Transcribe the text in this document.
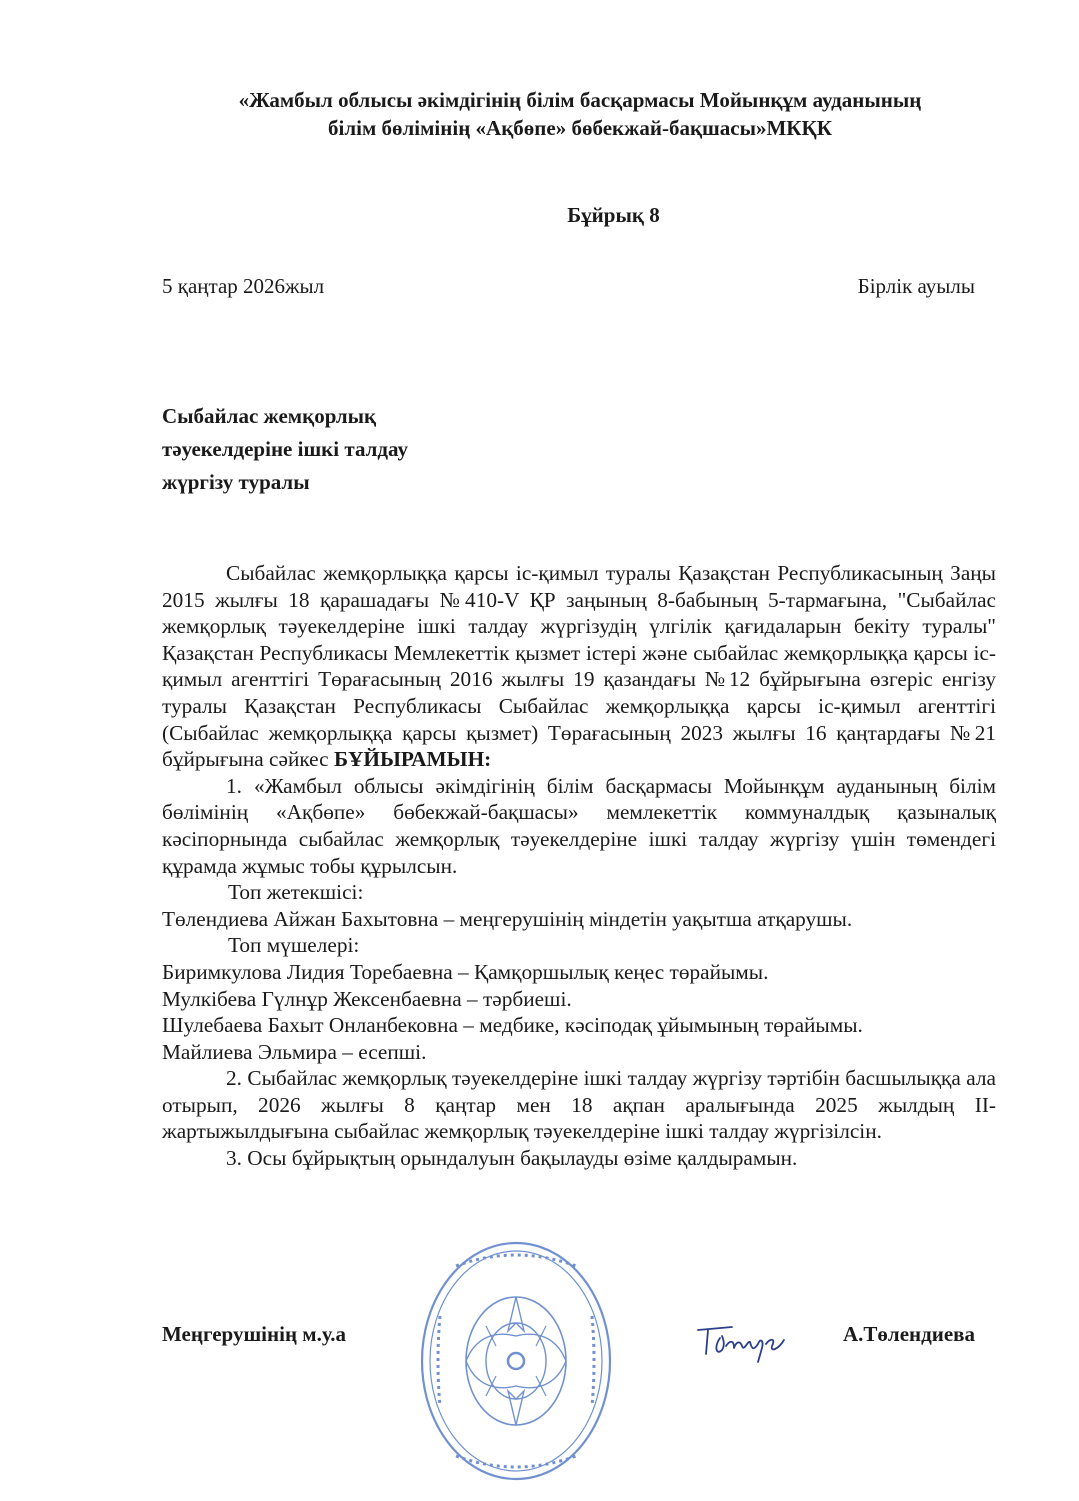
«Жамбыл облысы әкімдігінің білім басқармасы Мойынқұм ауданының
білім бөлімінің «Ақбөпе» бөбекжай-бақшасы»МКҚК
Бұйрық 8
5 қаңтар 2026жыл	Бірлік ауылы
Сыбайлас жемқорлық
тәуекелдеріне ішкі талдау
жүргізу туралы

Сыбайлас жемқорлыққа қарсы іс-қимыл туралы Қазақстан Республикасының Заңы 2015 жылғы 18 қарашадағы №410-V ҚР заңының 8-бабының 5-тармағына, "Сыбайлас жемқорлық тәуекелдеріне ішкі талдау жүргізудің үлгілік қағидаларын бекіту туралы" Қазақстан Республикасы Мемлекеттік қызмет істері және сыбайлас жемқорлыққа қарсы іс-қимыл агенттігі Төрағасының 2016 жылғы 19 қазандағы №12 бұйрығына өзгеріс енгізу туралы Қазақстан Республикасы Сыбайлас жемқорлыққа қарсы іс-қимыл агенттігі (Сыбайлас жемқорлыққа қарсы қызмет) Төрағасының 2023 жылғы 16 қаңтардағы №21 бұйрығына сәйкес БҰЙЫРАМЫН:

1. «Жамбыл облысы әкімдігінің білім басқармасы Мойынқұм ауданының білім бөлімінің «Ақбөпе» бөбекжай-бақшасы» мемлекеттік коммуналдық қазыналық кәсіпорнында сыбайлас жемқорлық тәуекелдеріне ішкі талдау жүргізу үшін төмендегі құрамда жұмыс тобы құрылсын.

Топ жетекшісі:

Төлендиева Айжан Бахытовна – меңгерушінің міндетін уақытша атқарушы.

Топ мүшелері:

Биримкулова Лидия Торебаевна – Қамқоршылық кеңес төрайымы.

Мулкібева Гүлнұр Жексенбаевна – тәрбиеші.

Шулебаева Бахыт Онланбековна – медбике, кәсіподақ ұйымының төрайымы.

Майлиева Эльмира – есепші.

2. Сыбайлас жемқорлық тәуекелдеріне ішкі талдау жүргізу тәртібін басшылыққа ала отырып, 2026 жылғы 8 қаңтар мен 18 ақпан аралығында 2025 жылдың II-жартыжылдығына сыбайлас жемқорлық тәуекелдеріне ішкі талдау жүргізілсін.

3. Осы бұйрықтың орындалуын бақылауды өзіме қалдырамын.

Меңгерушінің м.у.а	А.Төлендиева
